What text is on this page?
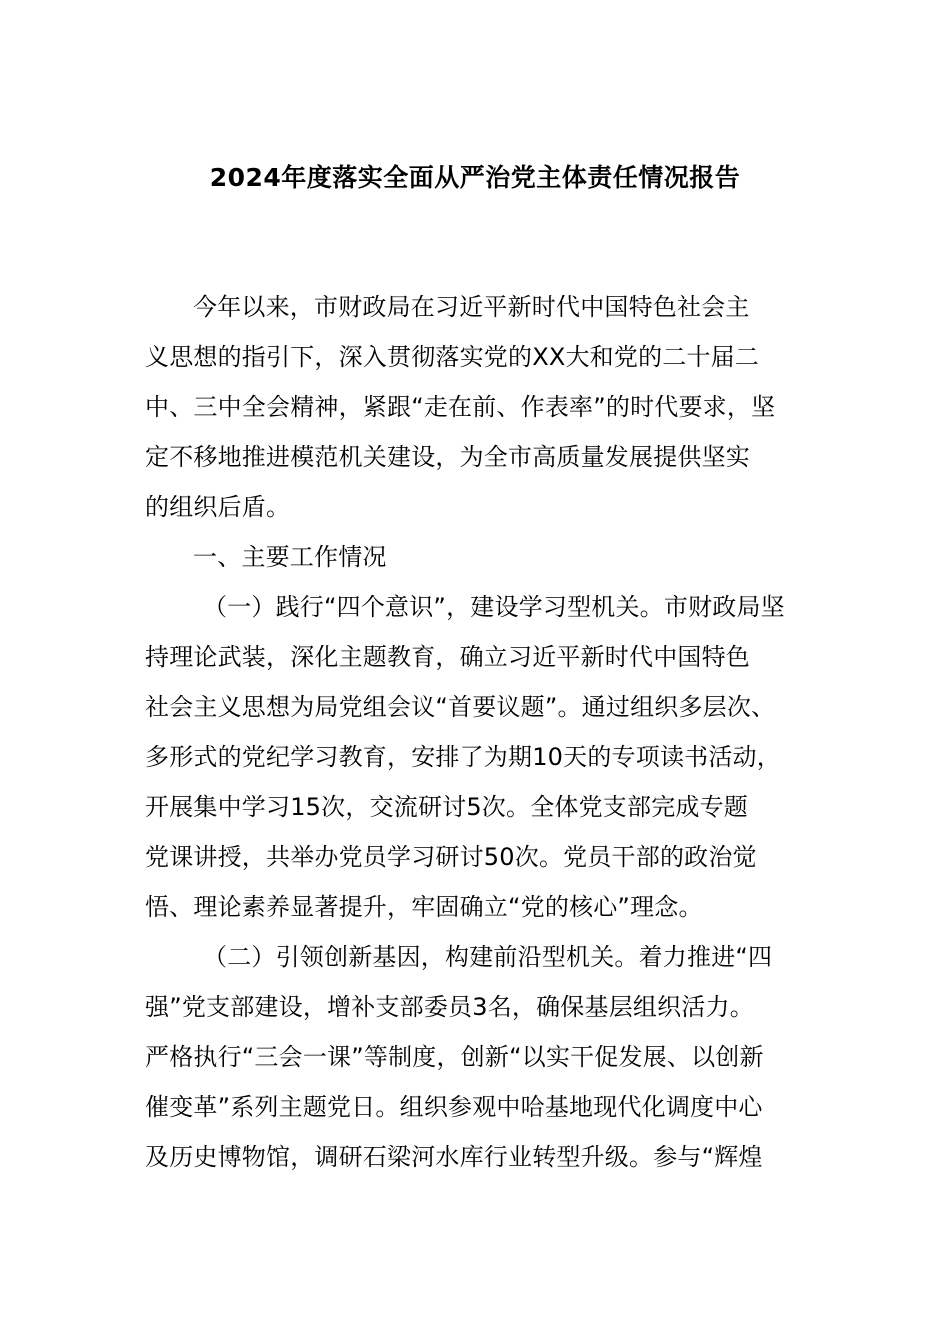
2024年度落实全面从严治党主体责任情况报告
今年以来，市财政局在习近平新时代中国特色社会主
义思想的指引下，深入贯彻落实党的XX大和党的二十届二
中、三中全会精神，紧跟“走在前、作表率”的时代要求，坚
定不移地推进模范机关建设，为全市高质量发展提供坚实
的组织后盾。
一、主要工作情况
（一）践行“四个意识”，建设学习型机关。市财政局坚
持理论武装，深化主题教育，确立习近平新时代中国特色
社会主义思想为局党组会议“首要议题”。通过组织多层次、
多形式的党纪学习教育，安排了为期10天的专项读书活动，
开展集中学习15次，交流研讨5次。全体党支部完成专题
党课讲授，共举办党员学习研讨50次。党员干部的政治觉
悟、理论素养显著提升，牢固确立“党的核心”理念。
（二）引领创新基因，构建前沿型机关。着力推进“四
强”党支部建设，增补支部委员3名，确保基层组织活力。
严格执行“三会一课”等制度，创新“以实干促发展、以创新
催变革”系列主题党日。组织参观中哈基地现代化调度中心
及历史博物馆，调研石梁河水库行业转型升级。参与“辉煌
